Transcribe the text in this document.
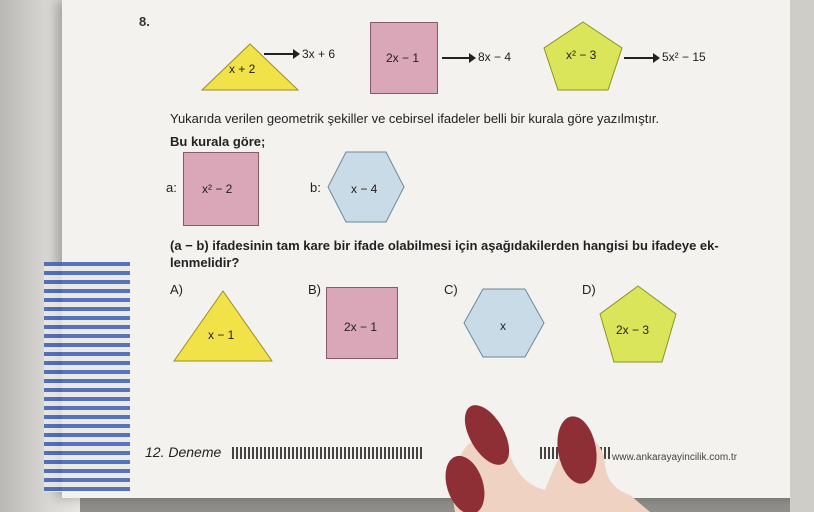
8.
x + 2
3x + 6	2x − 1	8x − 4	x² − 3	5x² − 15
Yukarıda verilen geometrik şekiller ve cebirsel ifadeler belli bir kurala göre yazılmıştır.
Bu kurala göre;
a: x² − 2	b:	x − 4
(a − b) ifadesinin tam kare bir ifade olabilmesi için aşağıdakilerden hangisi bu ifadeye ek-
lenmelidir?
A)
x − 1
B)
2x − 1
C)
x
D)
2x − 3
12. Deneme	www.ankarayayincilik.com.tr
